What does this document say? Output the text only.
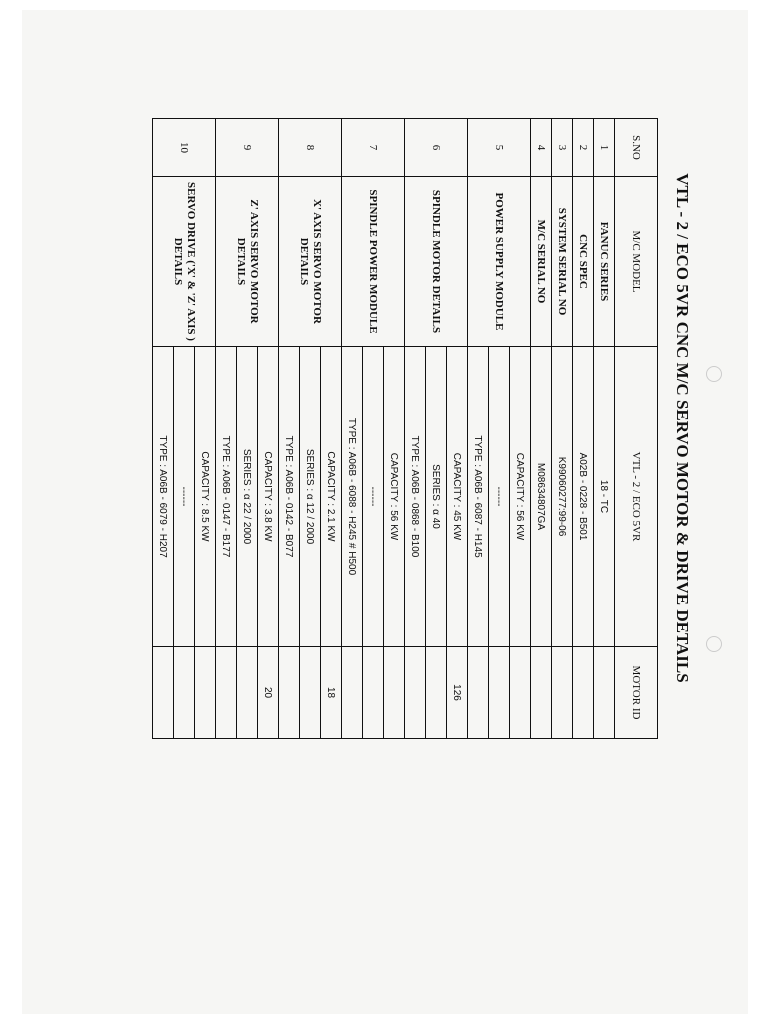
VTL - 2 / ECO 5VR CNC M/C SERVO MOTOR & DRIVE DETAILS
S.NO	M/C MODEL	VTL - 2 / ECO 5VR	MOTOR ID
1	FANUC SERIES	18 - TC	
2	CNC SPEC	A02B - 0228 - B501	
3	SYSTEM SERIAL NO	K99060277:99-06	
4	M/C SERIAL NO	M08634807GA	
5	POWER SUPPLY MODULE	CAPACITY : 56 KW	
		------	
		TYPE : A06B - 6087 - H145	
6	SPINDLE MOTOR DETAILS	CAPACITY : 45 KW	126
		SERIES : α 40	
		TYPE : A06B - 0868 - B100	
7	SPINDLE POWER MODULE	CAPACITY : 56 KW	
		------	
		TYPE : A06B - 6088 - H245 # H500	
8	X' AXIS SERVO MOTOR DETAILS	CAPACITY : 2.1 KW	18
		SERIES : α 12 / 2000	
		TYPE : A06B - 0142 - B077	
9	Z' AXIS SERVO MOTOR DETAILS	CAPACITY : 3.8 KW	20
		SERIES : α 22 / 2000	
		TYPE : A06B - 0147 - B177	
10	SERVO DRIVE ('X' & 'Z' AXIS ) DETAILS	CAPACITY : 8.5 KW	
		------	
		TYPE : A06B - 6079 - H207	
